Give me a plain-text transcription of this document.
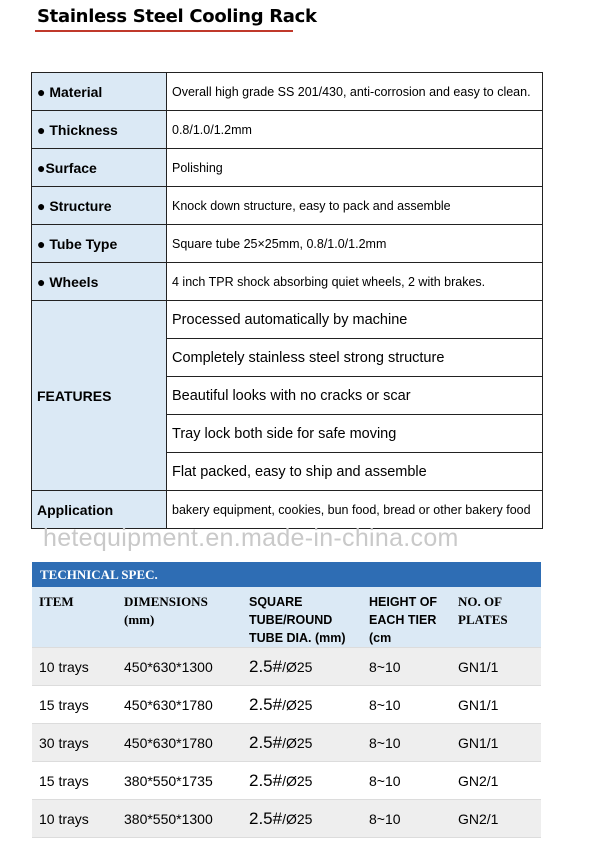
Stainless Steel Cooling Rack
● Material	Overall high grade SS 201/430, anti-corrosion and easy to clean.
● Thickness	0.8/1.0/1.2mm
●Surface	Polishing
● Structure	Knock down structure, easy to pack and assemble
● Tube Type	Square tube 25×25mm, 0.8/1.0/1.2mm
● Wheels	4 inch TPR shock absorbing quiet wheels, 2 with brakes.
FEATURES	Processed automatically by machine
	Completely stainless steel strong structure
	Beautiful looks with no cracks or scar
	Tray lock both side for safe moving
	Flat packed, easy to ship and assemble
Application	bakery equipment, cookies, bun food, bread or other bakery food
hetequipment.en.made-in-china.com
TECHNICAL SPEC.
ITEM	DIMENSIONS (mm)	SQUARE TUBE/ROUND TUBE DIA. (mm)	HEIGHT OF EACH TIER (cm	NO. OF PLATES
10 trays	450*630*1300	2.5#/Ø25	8~10	GN1/1
15 trays	450*630*1780	2.5#/Ø25	8~10	GN1/1
30 trays	450*630*1780	2.5#/Ø25	8~10	GN1/1
15 trays	380*550*1735	2.5#/Ø25	8~10	GN2/1
10 trays	380*550*1300	2.5#/Ø25	8~10	GN2/1
